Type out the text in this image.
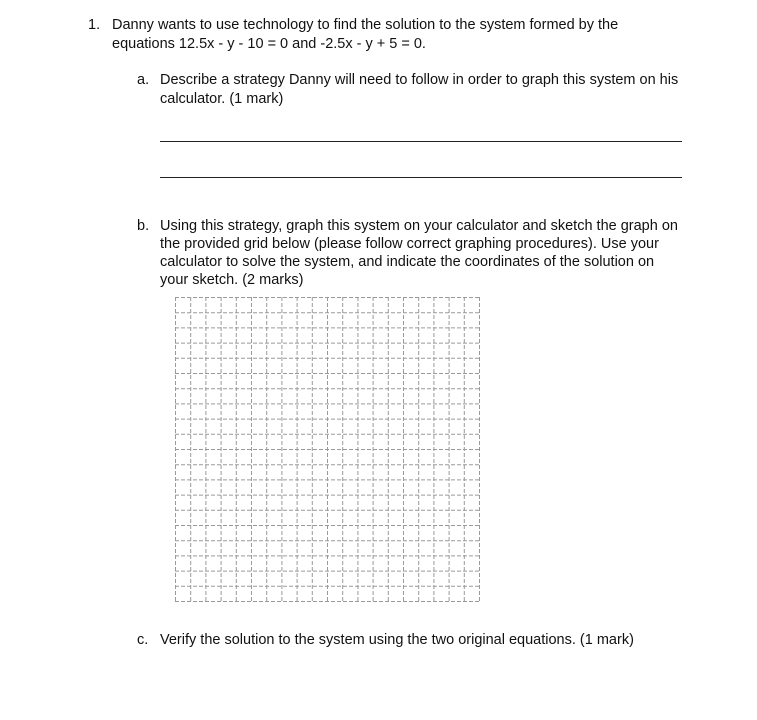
1. Danny wants to use technology to find the solution to the system formed by the
equations 12.5x - y - 10 = 0 and -2.5x - y + 5 = 0.
a. Describe a strategy Danny will need to follow in order to graph this system on his
calculator. (1 mark)
b. Using this strategy, graph this system on your calculator and sketch the graph on
the provided grid below (please follow correct graphing procedures). Use your
calculator to solve the system, and indicate the coordinates of the solution on
your sketch. (2 marks)
c. Verify the solution to the system using the two original equations. (1 mark)
